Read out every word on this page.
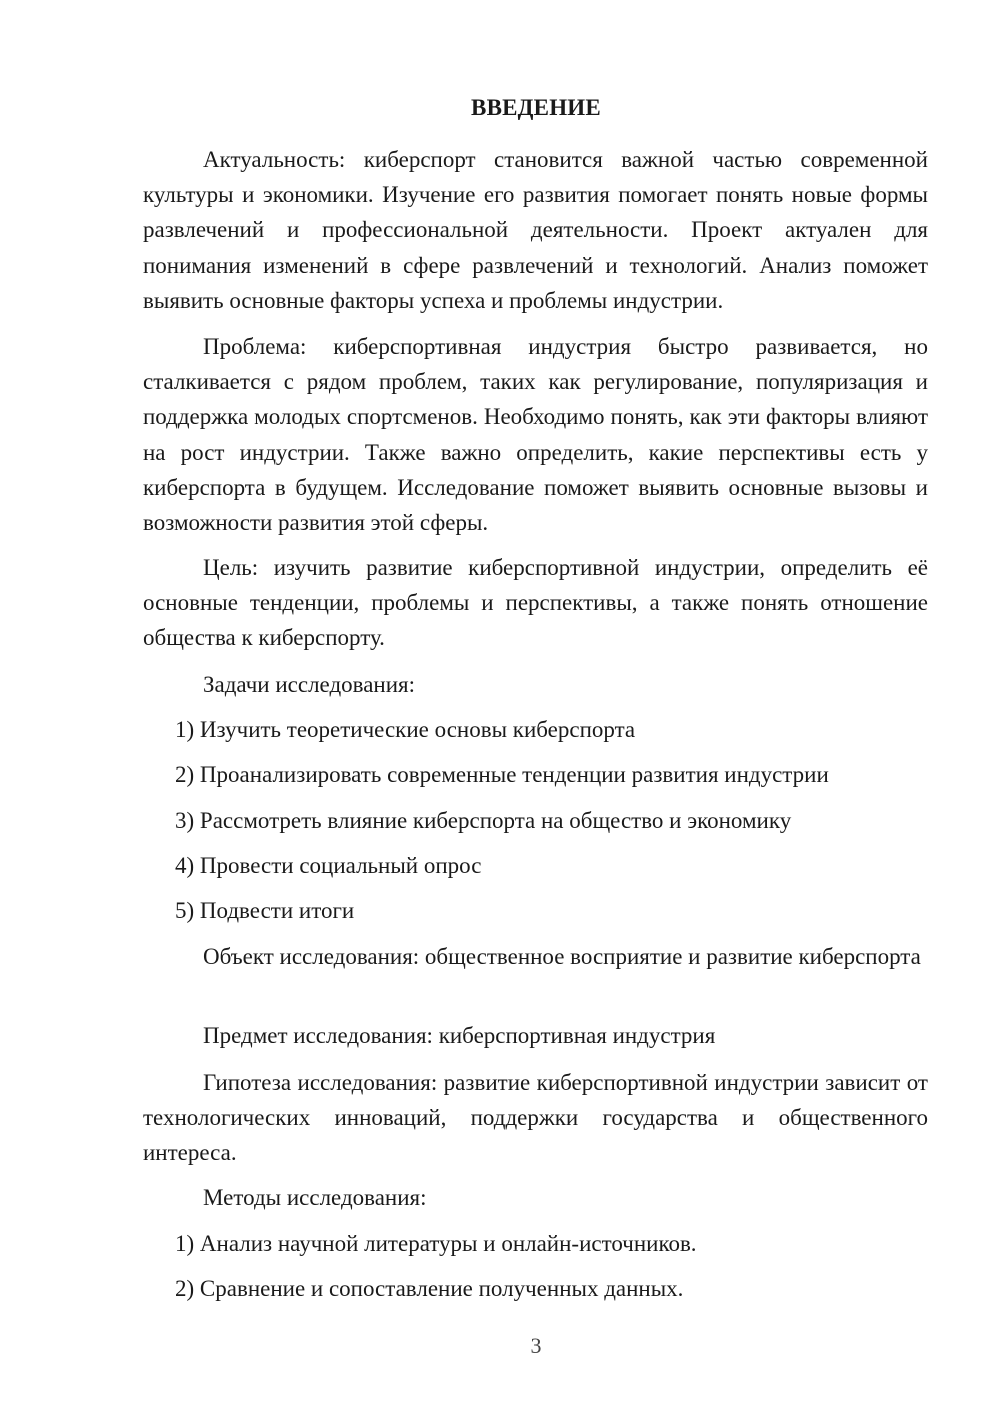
ВВЕДЕНИЕ

Актуальность: киберспорт становится важной частью современной культуры и экономики. Изучение его развития помогает понять новые формы развлечений и профессиональной деятельности. Проект актуален для понимания изменений в сфере развлечений и технологий. Анализ поможет выявить основные факторы успеха и проблемы индустрии.

Проблема: киберспортивная индустрия быстро развивается, но сталкивается с рядом проблем, таких как регулирование, популяризация и поддержка молодых спортсменов. Необходимо понять, как эти факторы влияют на рост индустрии. Также важно определить, какие перспективы есть у киберспорта в будущем. Исследование поможет выявить основные вызовы и возможности развития этой сферы.

Цель: изучить развитие киберспортивной индустрии, определить её основные тенденции, проблемы и перспективы, а также понять отношение общества к киберспорту.

Задачи исследования:

1) Изучить теоретические основы киберспорта

2) Проанализировать современные тенденции развития индустрии

3) Рассмотреть влияние киберспорта на общество и экономику

4) Провести социальный опрос

5) Подвести итоги

Объект исследования: общественное восприятие и развитие киберспорта

Предмет исследования: киберспортивная индустрия

Гипотеза исследования: развитие киберспортивной индустрии зависит от технологических инноваций, поддержки государства и общественного интереса.

Методы исследования:

1) Анализ научной литературы и онлайн-источников.

2) Сравнение и сопоставление полученных данных.

3
